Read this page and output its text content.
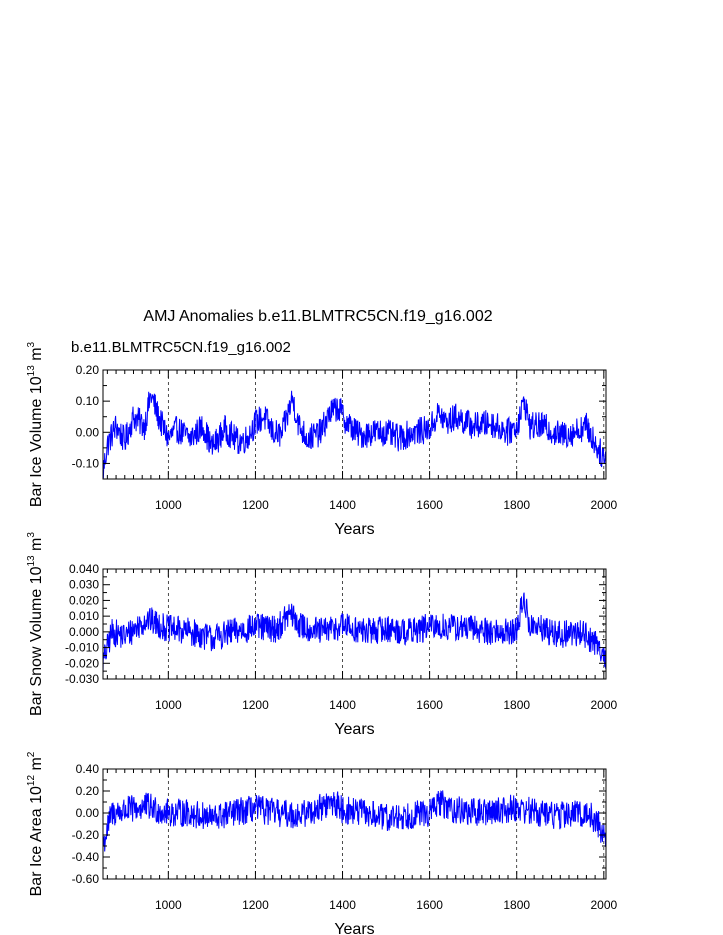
AMJ Anomalies b.e11.BLMTRC5CN.f19_g16.002
b.e11.BLMTRC5CN.f19_g16.002
-0.10
0.00
0.10
0.20
1000	1200	1400	1600	1800	2000
Years
Bar Ice Volume $10^{13}$ $m^3$
-0.030
-0.020
-0.010
0.000
0.010
0.020
0.030
0.040
1000	1200	1400	1600	1800	2000
Years
Bar Snow Volume $10^{13}$ $m^3$
-0.60
-0.40
-0.20
0.00
0.20
0.40
1000	1200	1400	1600	1800	2000
Years
Bar Ice Area $10^{12}$ $m^2$
